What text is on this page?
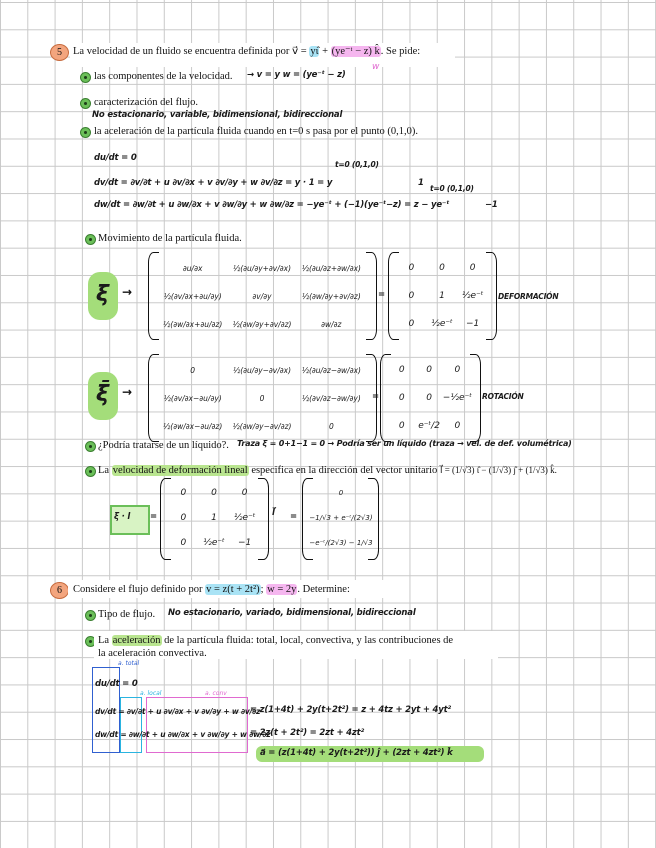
5	La velocidad de un fluido se encuentra definida por v⃗ = yι̂ + (ye⁻ᵗ − z) k̂. Se pide:
w
las componentes de la velocidad. → v = y w = (ye⁻ᵗ − z)
caracterización del flujo.
No estacionario, variable, bidimensional, bidireccional
la aceleración de la partícula fluida cuando en t=0 s pasa por el punto (0,1,0).
du/dt = 0
dv/dt = ∂v/∂t + u ∂v/∂x + v ∂v/∂y + w ∂v/∂z = y · 1 = y
t=0 (0,1,0)
1
dw/dt = ∂w/∂t + u ∂w/∂x + v ∂w/∂y + w ∂w/∂z = −ye⁻ᵗ + (−1)(ye⁻ᵗ−z) = z − ye⁻ᵗ
t=0 (0,1,0)
−1
Movimiento de la partícula fluida.
ξ →
∂u/∂x	½(∂u/∂y+∂v/∂x)	½(∂u/∂z+∂w/∂x)
½(∂v/∂x+∂u/∂y)	∂v/∂y	½(∂w/∂y+∂v/∂z)
½(∂w/∂x+∂u/∂z)	½(∂w/∂y+∂v/∂z)	∂w/∂z
=
0	0	0
0	1	½e⁻ᵗ
0	½e⁻ᵗ	−1
DEFORMACIÓN
ξ̄ →
0	½(∂u/∂y−∂v/∂x)	½(∂u/∂z−∂w/∂x)
½(∂v/∂x−∂u/∂y)	0	½(∂v/∂z−∂w/∂y)
½(∂w/∂x−∂u/∂z)	½(∂w/∂y−∂v/∂z)	0
=
0	0	0
0	0	−½e⁻ᵗ
0	e⁻ᵗ/2	0
ROTACIÓN
¿Podría tratarse de un líquido?. Traza ξ = 0+1−1 = 0 → Podría ser un líquido (traza → vel. de def. volumétrica)
La velocidad de deformación lineal especifica en la dirección del vector unitario l⃗ = (1/√3) ι̂ − (1/√3) ȷ̂ + (1/√3) k̂.
ξ · l =
0	0	0
0	1	½e⁻ᵗ
0	½e⁻ᵗ	−1
l⃗ =
0
−1/√3 + e⁻ᵗ/(2√3)
−e⁻ᵗ/(2√3) − 1/√3
6	Considere el flujo definido por v = z(t + 2t²); w = 2y. Determine:
Tipo de flujo. No estacionario, variado, bidimensional, bidireccional
La aceleración de la partícula fluida: total, local, convectiva, y las contribuciones de
la aceleración convectiva.
a. total
a. local	a. conv
du/dt = 0
dv/dt = ∂v/∂t + u ∂v/∂x + v ∂v/∂y + w ∂v/∂z
= z(1+4t) + 2y(t+2t²) = z + 4tz + 2yt + 4yt²
dw/dt = ∂w/∂t + u ∂w/∂x + v ∂w/∂y + w ∂w/∂z
= 2z(t + 2t²) = 2zt + 4zt²
a⃗ = (z(1+4t) + 2y(t+2t²)) ȷ̂ + (2zt + 4zt²) k̂
